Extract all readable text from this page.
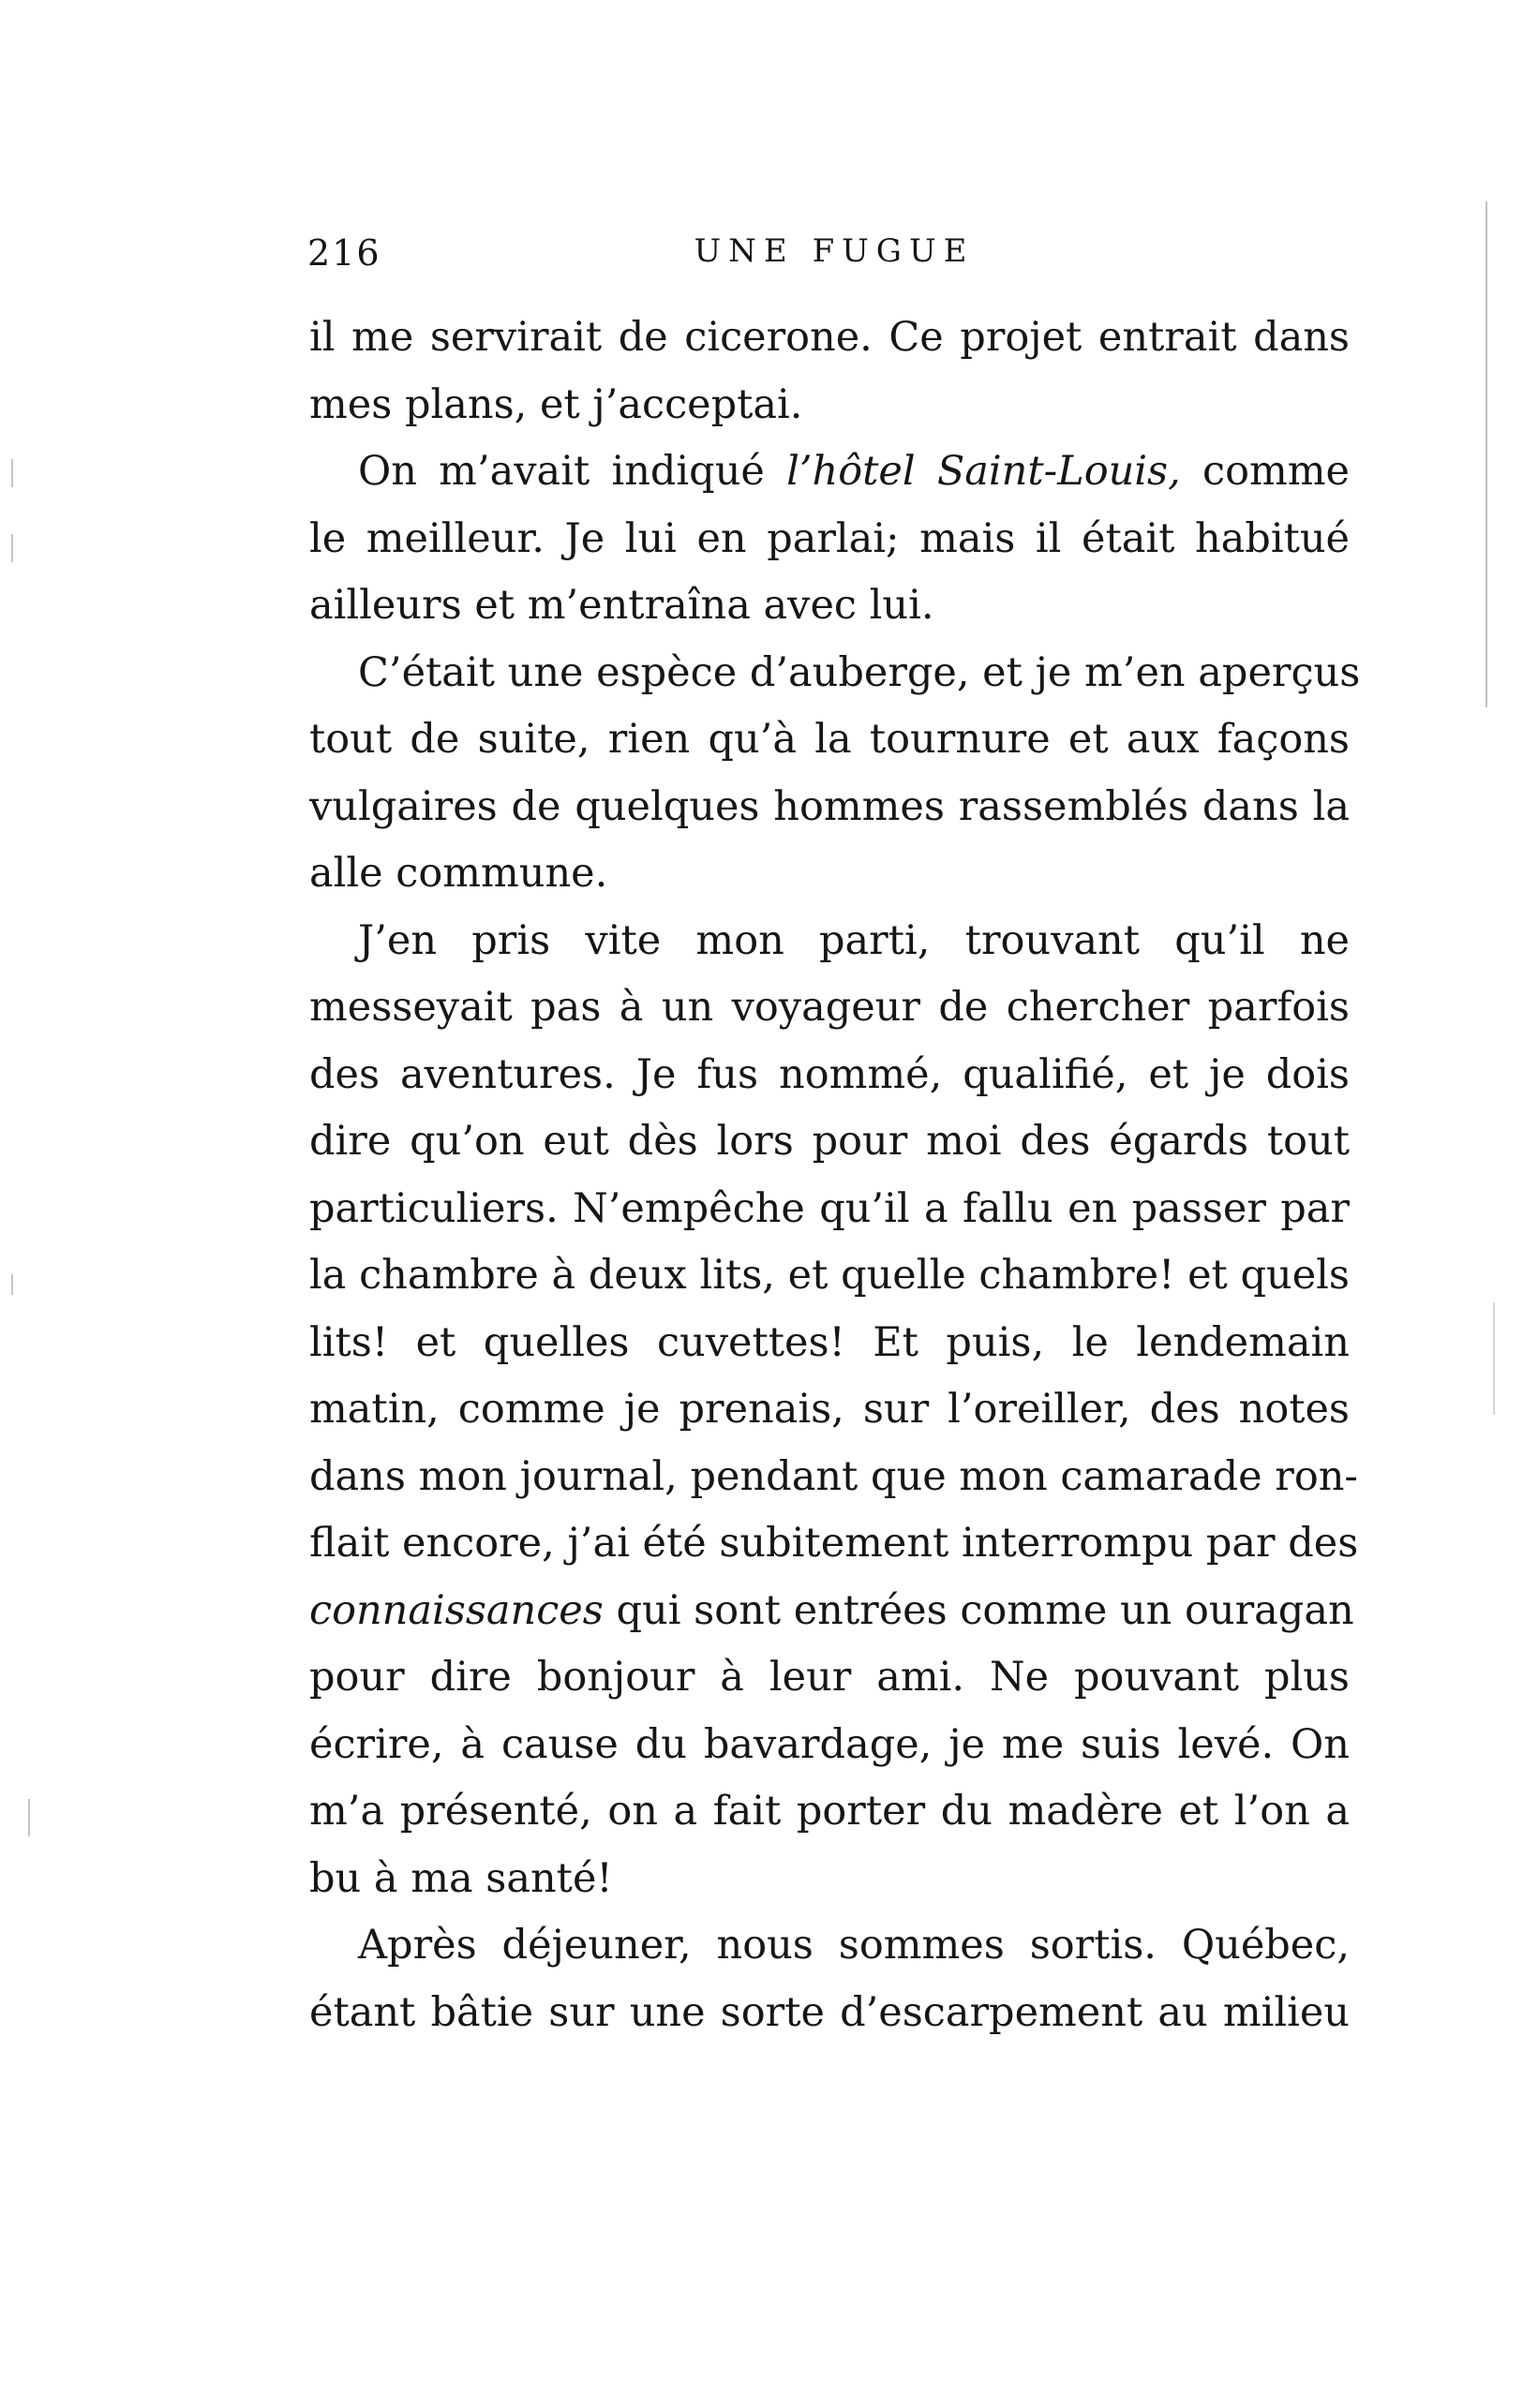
216	UNE FUGUE
il me servirait de cicerone. Ce projet entrait dans
mes plans, et j’acceptai.
On m’avait indiqué l’hôtel Saint-Louis, comme
le meilleur. Je lui en parlai; mais il était habitué
ailleurs et m’entraîna avec lui.
C’était une espèce d’auberge, et je m’en aperçus
tout de suite, rien qu’à la tournure et aux façons
vulgaires de quelques hommes rassemblés dans la
alle commune.
J’en pris vite mon parti, trouvant qu’il ne
messeyait pas à un voyageur de chercher parfois
des aventures. Je fus nommé, qualifié, et je dois
dire qu’on eut dès lors pour moi des égards tout
particuliers. N’empêche qu’il a fallu en passer par
la chambre à deux lits, et quelle chambre! et quels
lits! et quelles cuvettes! Et puis, le lendemain
matin, comme je prenais, sur l’oreiller, des notes
dans mon journal, pendant que mon camarade ron-
flait encore, j’ai été subitement interrompu par des
connaissances qui sont entrées comme un ouragan
pour dire bonjour à leur ami. Ne pouvant plus
écrire, à cause du bavardage, je me suis levé. On
m’a présenté, on a fait porter du madère et l’on a
bu à ma santé!
Après déjeuner, nous sommes sortis. Québec,
étant bâtie sur une sorte d’escarpement au milieu
